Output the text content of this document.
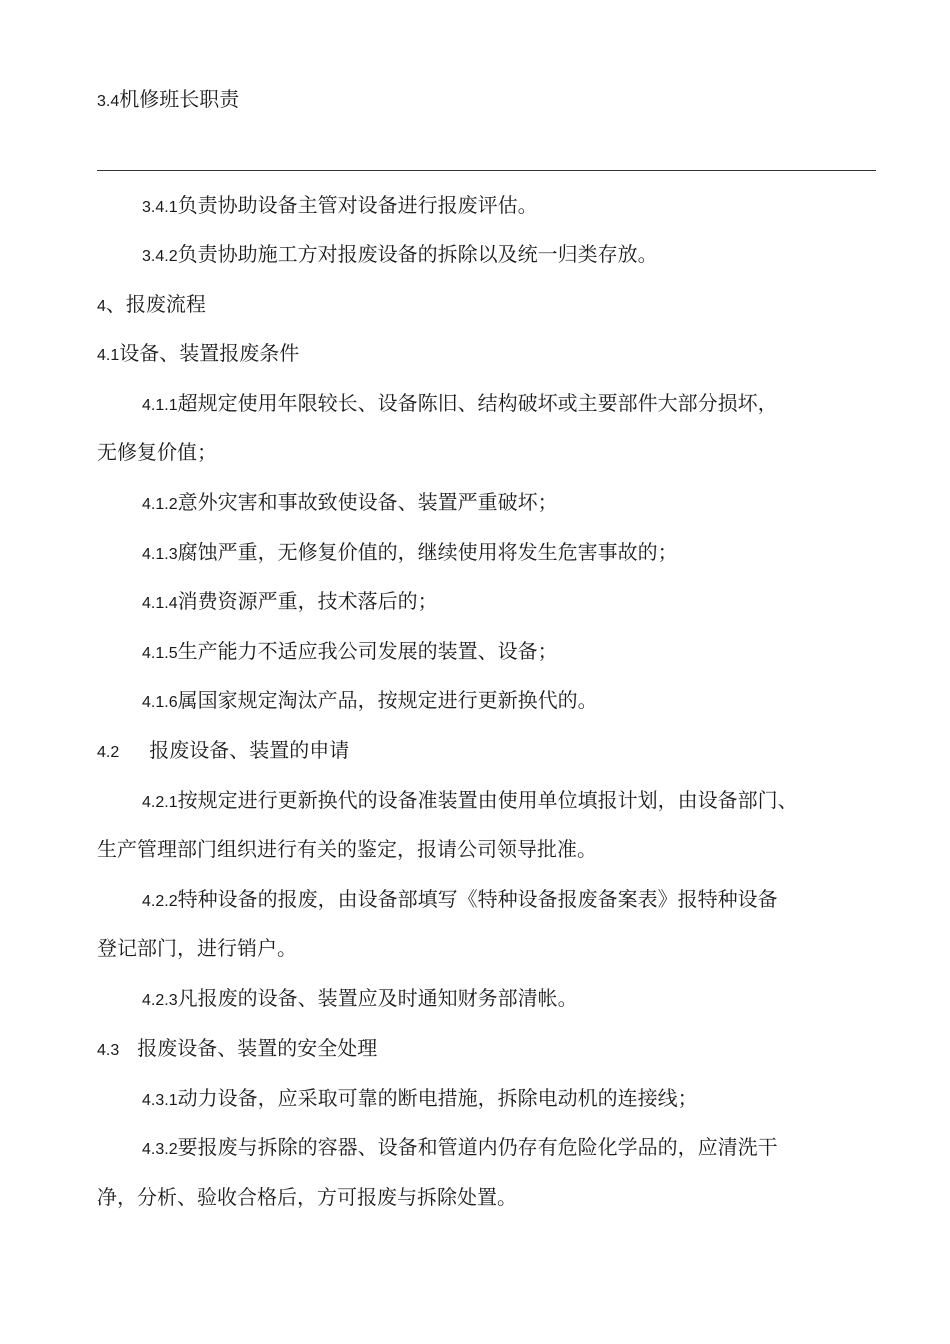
3.4机修班长职责
3.4.1负责协助设备主管对设备进行报废评估。
3.4.2负责协助施工方对报废设备的拆除以及统一归类存放。
4、报废流程
4.1设备、装置报废条件
4.1.1超规定使用年限较长、设备陈旧、结构破坏或主要部件大部分损坏，
无修复价值；
4.1.2意外灾害和事故致使设备、装置严重破坏；
4.1.3腐蚀严重，无修复价值的，继续使用将发生危害事故的；
4.1.4消费资源严重，技术落后的；
4.1.5生产能力不适应我公司发展的装置、设备；
4.1.6属国家规定淘汰产品，按规定进行更新换代的。
4.2 报废设备、装置的申请
4.2.1按规定进行更新换代的设备准装置由使用单位填报计划，由设备部门、
生产管理部门组织进行有关的鉴定，报请公司领导批准。
4.2.2特种设备的报废，由设备部填写《特种设备报废备案表》报特种设备
登记部门，进行销户。
4.2.3凡报废的设备、装置应及时通知财务部清帐。
4.3 报废设备、装置的安全处理
4.3.1动力设备，应采取可靠的断电措施，拆除电动机的连接线；
4.3.2要报废与拆除的容器、设备和管道内仍存有危险化学品的，应清洗干
净，分析、验收合格后，方可报废与拆除处置。
